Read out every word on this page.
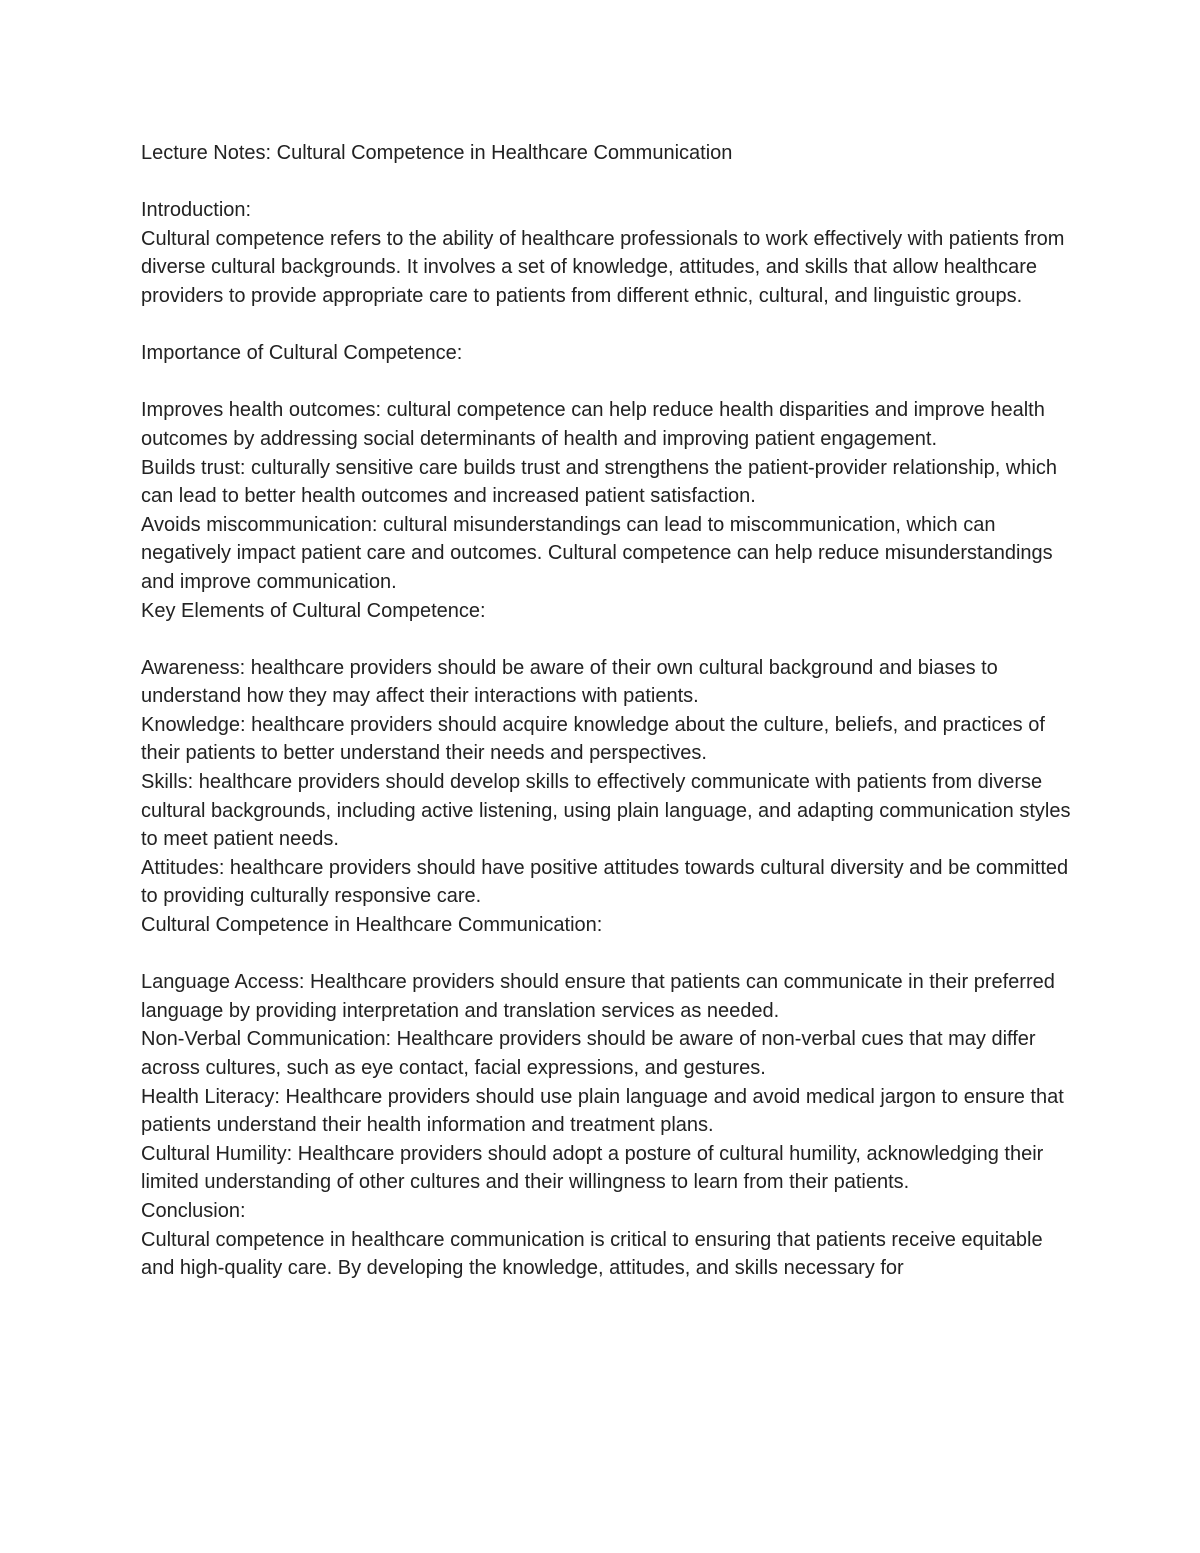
Lecture Notes: Cultural Competence in Healthcare Communication

Introduction:

Cultural competence refers to the ability of healthcare professionals to work effectively with patients from diverse cultural backgrounds. It involves a set of knowledge, attitudes, and skills that allow healthcare providers to provide appropriate care to patients from different ethnic, cultural, and linguistic groups.

Importance of Cultural Competence:

Improves health outcomes: cultural competence can help reduce health disparities and improve health outcomes by addressing social determinants of health and improving patient engagement.

Builds trust: culturally sensitive care builds trust and strengthens the patient-provider relationship, which can lead to better health outcomes and increased patient satisfaction.

Avoids miscommunication: cultural misunderstandings can lead to miscommunication, which can negatively impact patient care and outcomes. Cultural competence can help reduce misunderstandings and improve communication.

Key Elements of Cultural Competence:

Awareness: healthcare providers should be aware of their own cultural background and biases to understand how they may affect their interactions with patients.

Knowledge: healthcare providers should acquire knowledge about the culture, beliefs, and practices of their patients to better understand their needs and perspectives.

Skills: healthcare providers should develop skills to effectively communicate with patients from diverse cultural backgrounds, including active listening, using plain language, and adapting communication styles to meet patient needs.

Attitudes: healthcare providers should have positive attitudes towards cultural diversity and be committed to providing culturally responsive care.

Cultural Competence in Healthcare Communication:

Language Access: Healthcare providers should ensure that patients can communicate in their preferred language by providing interpretation and translation services as needed.

Non-Verbal Communication: Healthcare providers should be aware of non-verbal cues that may differ across cultures, such as eye contact, facial expressions, and gestures.

Health Literacy: Healthcare providers should use plain language and avoid medical jargon to ensure that patients understand their health information and treatment plans.

Cultural Humility: Healthcare providers should adopt a posture of cultural humility, acknowledging their limited understanding of other cultures and their willingness to learn from their patients.

Conclusion:

Cultural competence in healthcare communication is critical to ensuring that patients receive equitable and high-quality care. By developing the knowledge, attitudes, and skills necessary for
